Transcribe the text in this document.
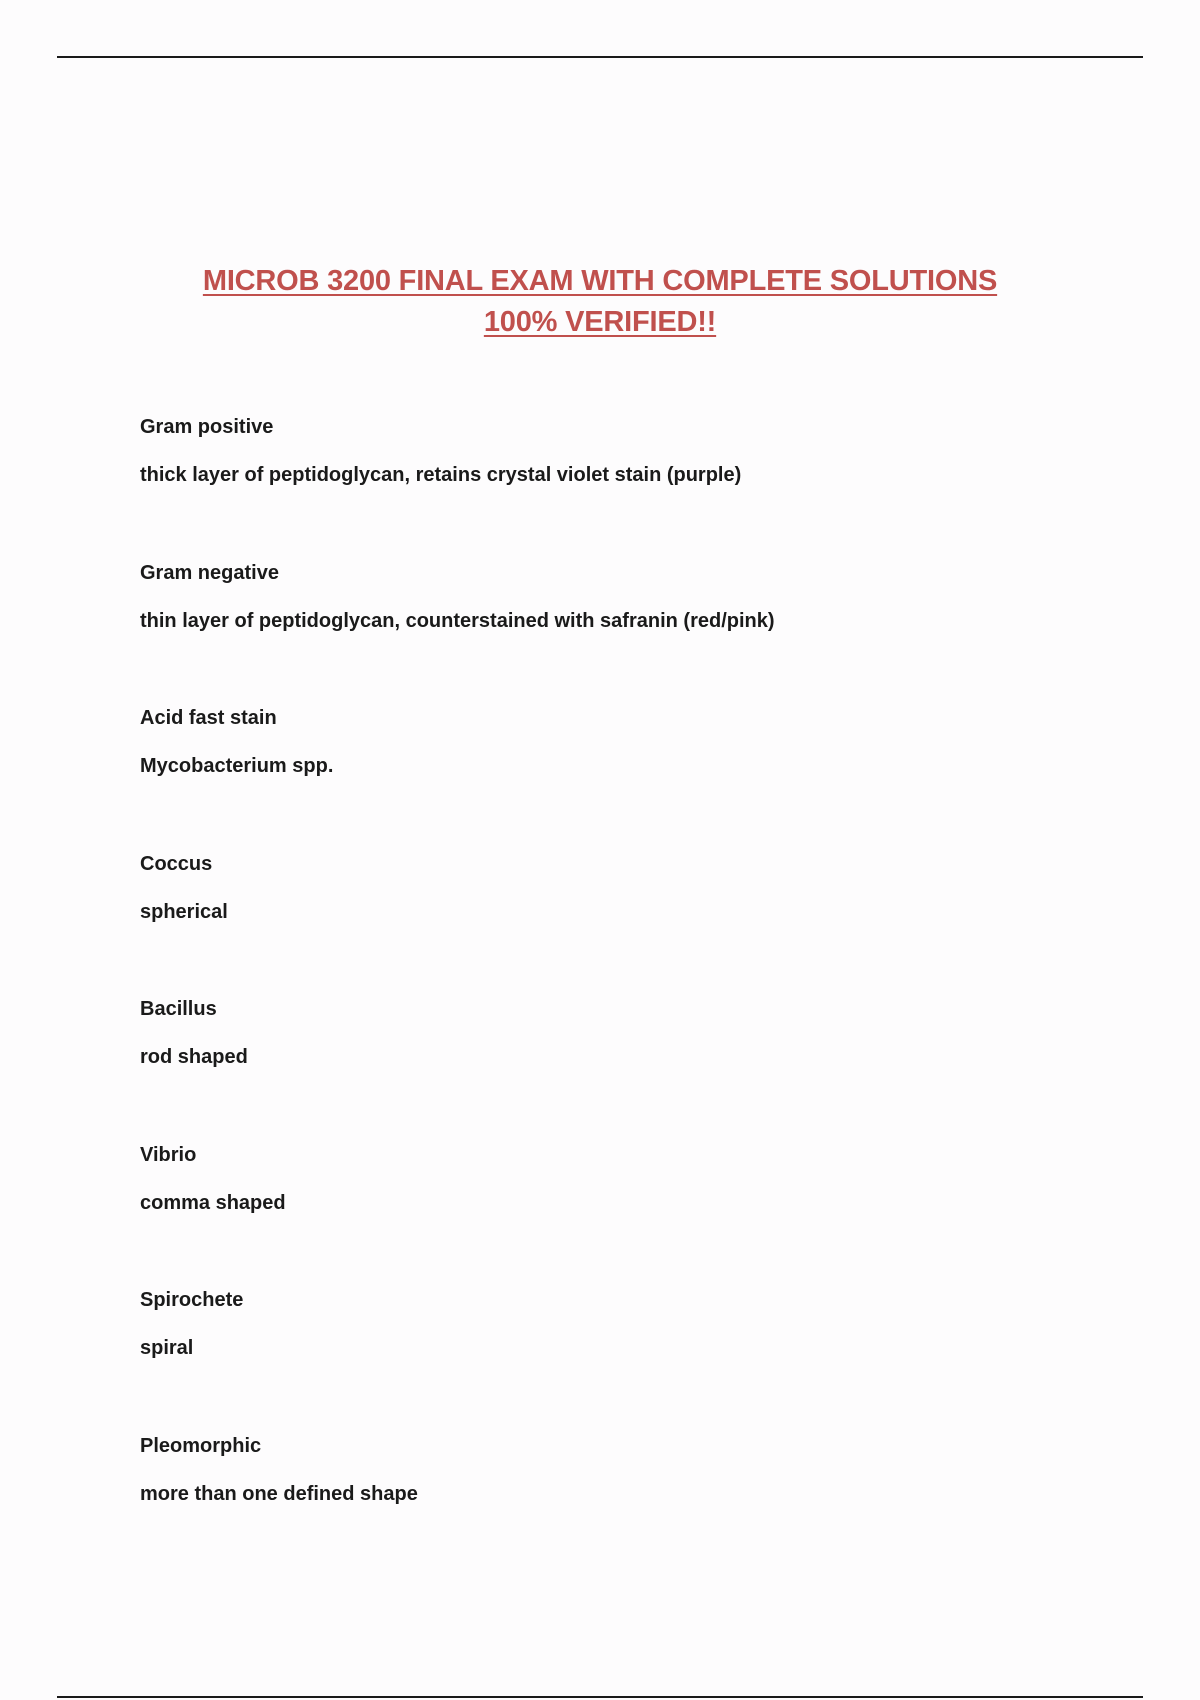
MICROB 3200 FINAL EXAM WITH COMPLETE SOLUTIONS
100% VERIFIED!!
Gram positive
thick layer of peptidoglycan, retains crystal violet stain (purple)
Gram negative
thin layer of peptidoglycan, counterstained with safranin (red/pink)
Acid fast stain
Mycobacterium spp.
Coccus
spherical
Bacillus
rod shaped
Vibrio
comma shaped
Spirochete
spiral
Pleomorphic
more than one defined shape
